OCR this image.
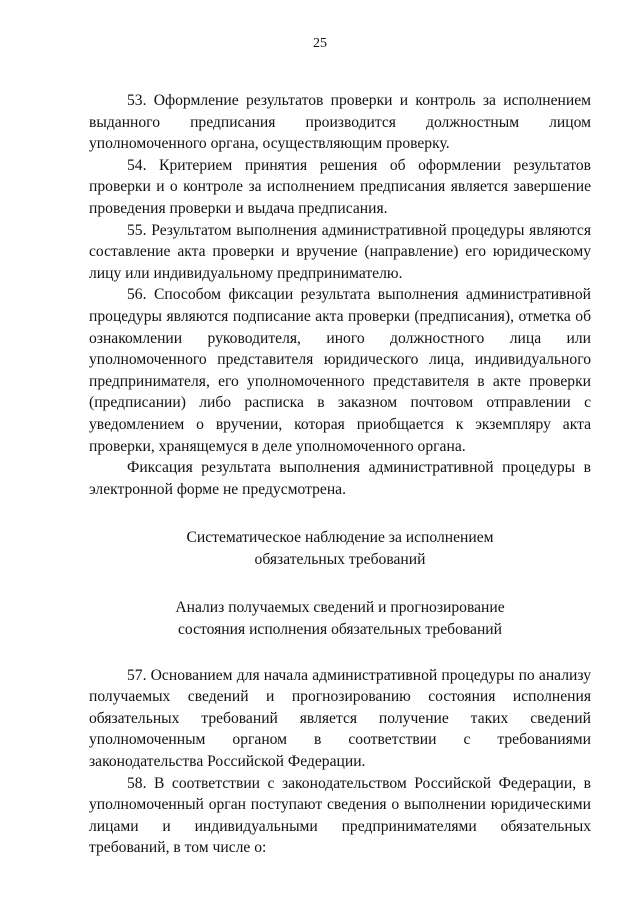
25

53. Оформление результатов проверки и контроль за исполнением выданного предписания производится должностным лицом уполномоченного органа, осуществляющим проверку.

54. Критерием принятия решения об оформлении результатов проверки и о контроле за исполнением предписания является завершение проведения проверки и выдача предписания.

55. Результатом выполнения административной процедуры являются составление акта проверки и вручение (направление) его юридическому лицу или индивидуальному предпринимателю.

56. Способом фиксации результата выполнения административной процедуры являются подписание акта проверки (предписания), отметка об ознакомлении руководителя, иного должностного лица или уполномоченного представителя юридического лица, индивидуального предпринимателя, его уполномоченного представителя в акте проверки (предписании) либо расписка в заказном почтовом отправлении с уведомлением о вручении, которая приобщается к экземпляру акта проверки, хранящемуся в деле уполномоченного органа.

Фиксация результата выполнения административной процедуры в электронной форме не предусмотрена.

Систематическое наблюдение за исполнением
обязательных требований
Анализ получаемых сведений и прогнозирование
состояния исполнения обязательных требований

57. Основанием для начала административной процедуры по анализу получаемых сведений и прогнозированию состояния исполнения обязательных требований является получение таких сведений уполномоченным органом в соответствии с требованиями законодательства Российской Федерации.

58. В соответствии с законодательством Российской Федерации, в уполномоченный орган поступают сведения о выполнении юридическими лицами и индивидуальными предпринимателями обязательных требований, в том числе о:
